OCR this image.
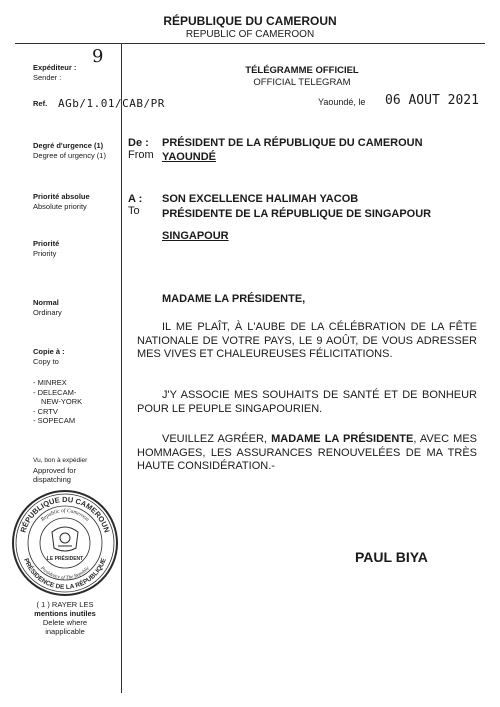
RÉPUBLIQUE DU CAMEROUN
REPUBLIC OF CAMEROON
Expéditeur :
Sender :
9
Ref. AGb/1.01/CAB/PR
Degré d'urgence (1)
Degree of urgency (1)
Priorité absolue
Absolute priority
Priorité
Priority
Normal
Ordinary
Copie à :
Copy to
- MINREX
- DELECAM-
NEW-YORK
- CRTV
- SOPECAM
Vu, bon à expédier
Approved for
dispatching
RÉPUBLIQUE DU CAMEROUN
PRÉSIDENCE DE LA RÉPUBLIQUE
Republic of Cameroon
Presidency of The Republic
LE PRÉSIDENT
( 1 ) RAYER LES
mentions inutiles
Delete where
inapplicable
TÉLÉGRAMME OFFICIEL
OFFICIAL TELEGRAM
Yaoundé, le 06 AOUT 2021
De :
From
PRÉSIDENT DE LA RÉPUBLIQUE DU CAMEROUN
YAOUNDÉ
A :
To
SON EXCELLENCE HALIMAH YACOB
PRÉSIDENTE DE LA RÉPUBLIQUE DE SINGAPOUR
SINGAPOUR
MADAME LA PRÉSIDENTE,
IL ME PLAÎT, À L'AUBE DE LA CÉLÉBRATION DE LA FÊTE NATIONALE DE VOTRE PAYS, LE 9 AOÛT, DE VOUS ADRESSER MES VIVES ET CHALEUREUSES FÉLICITATIONS.
J'Y ASSOCIE MES SOUHAITS DE SANTÉ ET DE BONHEUR POUR LE PEUPLE SINGAPOURIEN.
VEUILLEZ AGRÉER, MADAME LA PRÉSIDENTE, AVEC MES HOMMAGES, LES ASSURANCES RENOUVELÉES DE MA TRÈS HAUTE CONSIDÉRATION.-
PAUL BIYA
